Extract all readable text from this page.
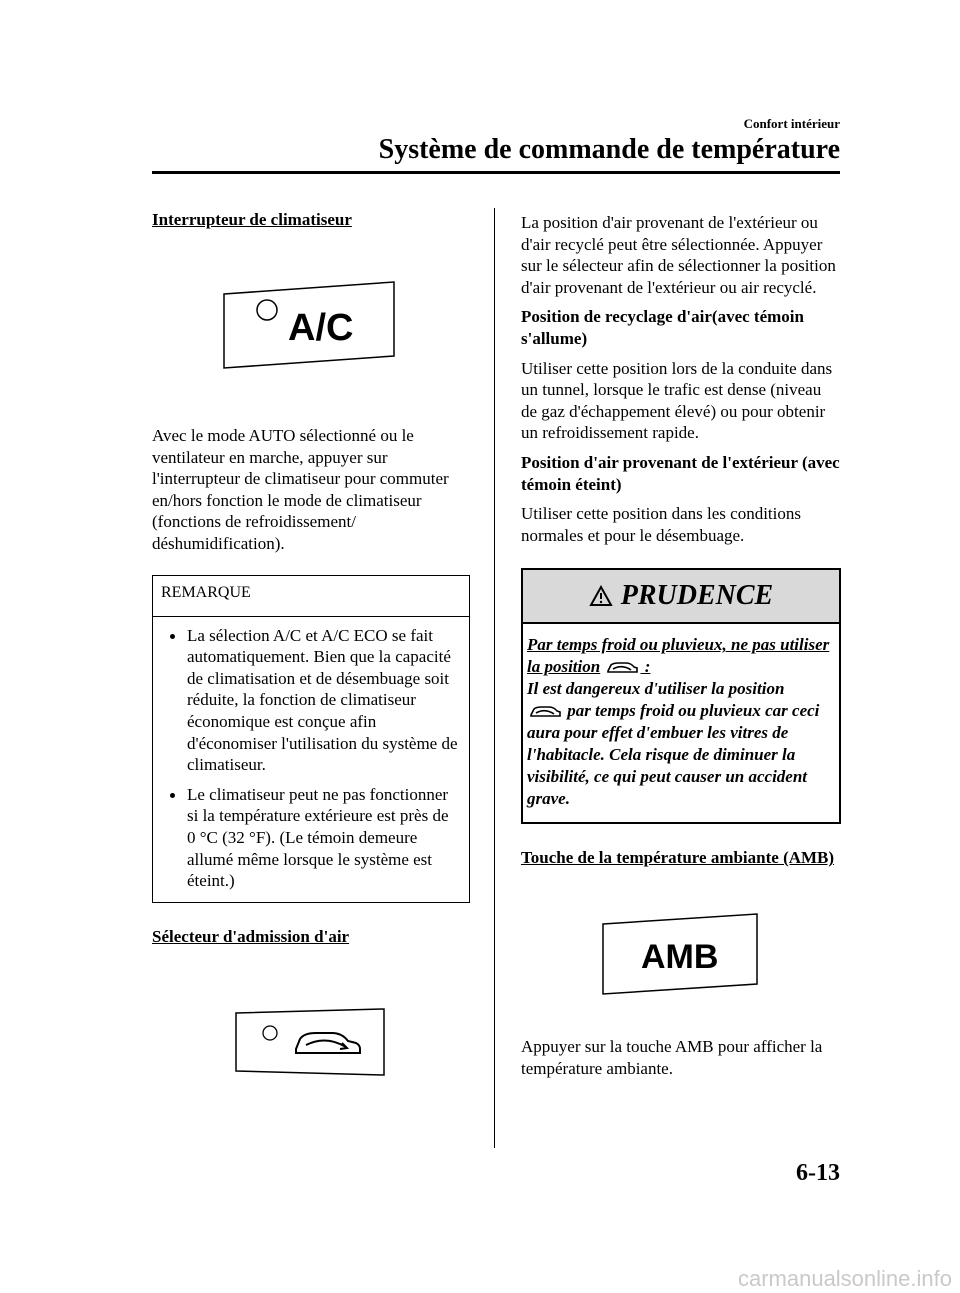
Confort intérieur
Système de commande de température
Interrupteur de climatiseur
A/C
Avec le mode AUTO sélectionné ou le ventilateur en marche, appuyer sur l'interrupteur de climatiseur pour commuter en/hors fonction le mode de climatiseur (fonctions de refroidissement/ déshumidification).
REMARQUE
La sélection A/C et A/C ECO se fait automatiquement. Bien que la capacité de climatisation et de désembuage soit réduite, la fonction de climatiseur économique est conçue afin d'économiser l'utilisation du système de climatiseur.
Le climatiseur peut ne pas fonctionner si la température extérieure est près de 0 °C (32 °F). (Le témoin demeure allumé même lorsque le système est éteint.)
Sélecteur d'admission d'air
La position d'air provenant de l'extérieur ou d'air recyclé peut être sélectionnée. Appuyer sur le sélecteur afin de sélectionner la position d'air provenant de l'extérieur ou air recyclé.
Position de recyclage d'air(avec témoin s'allume)
Utiliser cette position lors de la conduite dans un tunnel, lorsque le trafic est dense (niveau de gaz d'échappement élevé) ou pour obtenir un refroidissement rapide.
Position d'air provenant de l'extérieur (avec témoin éteint)
Utiliser cette position dans les conditions normales et pour le désembuage.
PRUDENCE
Par temps froid ou pluvieux, ne pas utiliser la position  :
Il est dangereux d'utiliser la position
par temps froid ou pluvieux car ceci aura pour effet d'embuer les vitres de l'habitacle. Cela risque de diminuer la visibilité, ce qui peut causer un accident grave.
Touche de la température ambiante (AMB)
AMB
Appuyer sur la touche AMB pour afficher la température ambiante.
6-13
carmanualsonline.info
